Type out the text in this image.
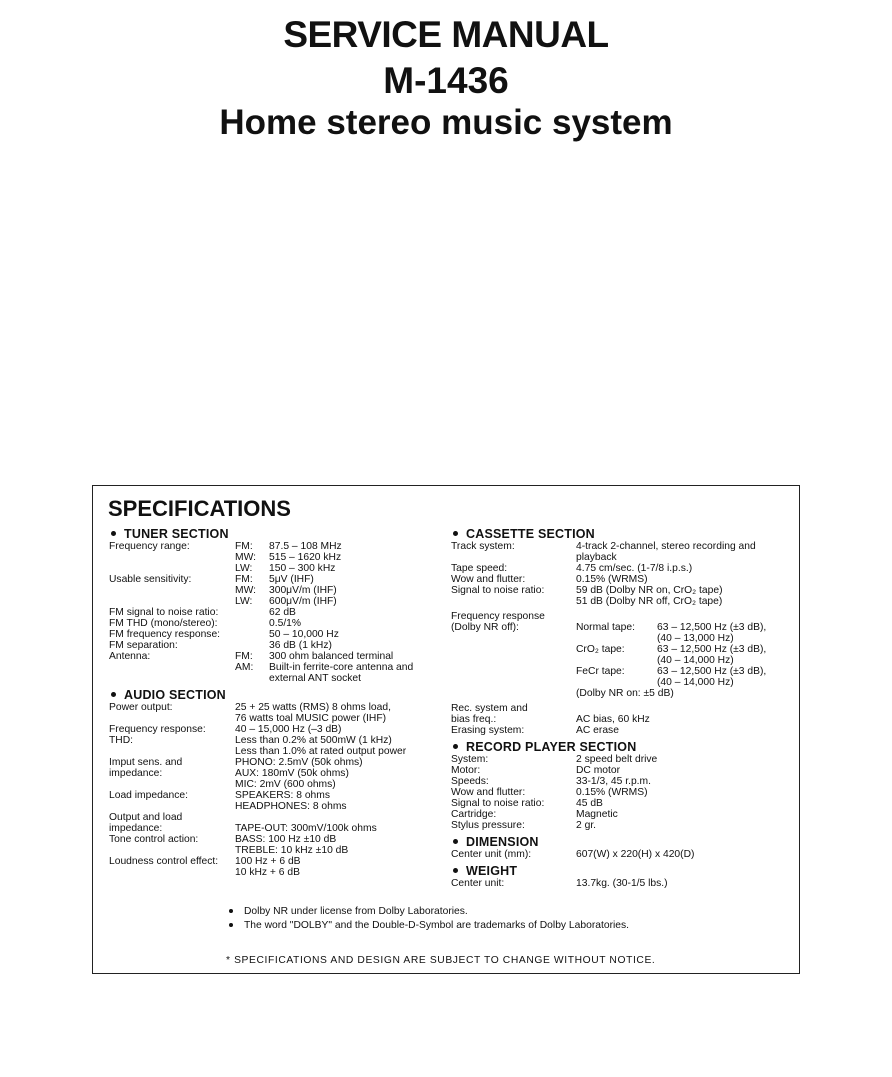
SERVICE MANUAL
M-1436
Home stereo music system
SPECIFICATIONS
TUNER SECTION
Frequency range:	FM: 87.5 – 108 MHz
MW: 515 – 1620 kHz
LW: 150 – 300 kHz
Usable sensitivity:	FM: 5μV (IHF)
MW: 300μV/m (IHF)
LW: 600μV/m (IHF)
FM signal to noise ratio:	62 dB
FM THD (mono/stereo):	0.5/1%
FM frequency response:	50 – 10,000 Hz
FM separation:	36 dB (1 kHz)
Antenna:	FM: 300 ohm balanced terminal
AM: Built-in ferrite-core antenna and
external ANT socket
AUDIO SECTION
Power output:	25 + 25 watts (RMS) 8 ohms load,
76 watts toal MUSIC power (IHF)
Frequency response:	40 – 15,000 Hz (–3 dB)
THD:	Less than 0.2% at 500mW (1 kHz)
Less than 1.0% at rated output power
Imput sens. and	PHONO: 2.5mV (50k ohms)
impedance:	AUX: 180mV (50k ohms)
MIC: 2mV (600 ohms)
Load impedance:	SPEAKERS: 8 ohms
HEADPHONES: 8 ohms
Output and load
impedance:	TAPE-OUT: 300mV/100k ohms
Tone control action:	BASS: 100 Hz ±10 dB
TREBLE: 10 kHz ±10 dB
Loudness control effect:	100 Hz + 6 dB
10 kHz + 6 dB
CASSETTE SECTION
Track system:	4-track 2-channel, stereo recording and
playback
Tape speed:	4.75 cm/sec. (1-7/8 i.p.s.)
Wow and flutter:	0.15% (WRMS)
Signal to noise ratio:	59 dB (Dolby NR on, CrO₂ tape)
51 dB (Dolby NR off, CrO₂ tape)
Frequency response
(Dolby NR off):	Normal tape: 63 – 12,500 Hz (±3 dB),
(40 – 13,000 Hz)
CrO₂ tape:	63 – 12,500 Hz (±3 dB),
(40 – 14,000 Hz)
FeCr tape:	63 – 12,500 Hz (±3 dB),
(40 – 14,000 Hz)
(Dolby NR on: ±5 dB)
Rec. system and
bias freq.:	AC bias, 60 kHz
Erasing system:	AC erase
RECORD PLAYER SECTION
System:	2 speed belt drive
Motor:	DC motor
Speeds:	33-1/3, 45 r.p.m.
Wow and flutter:	0.15% (WRMS)
Signal to noise ratio:	45 dB
Cartridge:	Magnetic
Stylus pressure:	2 gr.
DIMENSION
Center unit (mm):	607(W) x 220(H) x 420(D)
WEIGHT
Center unit:	13.7kg. (30-1/5 lbs.)
Dolby NR under license from Dolby Laboratories.
The word "DOLBY" and the Double-D-Symbol are trademarks of Dolby Laboratories.
* SPECIFICATIONS AND DESIGN ARE SUBJECT TO CHANGE WITHOUT NOTICE.
